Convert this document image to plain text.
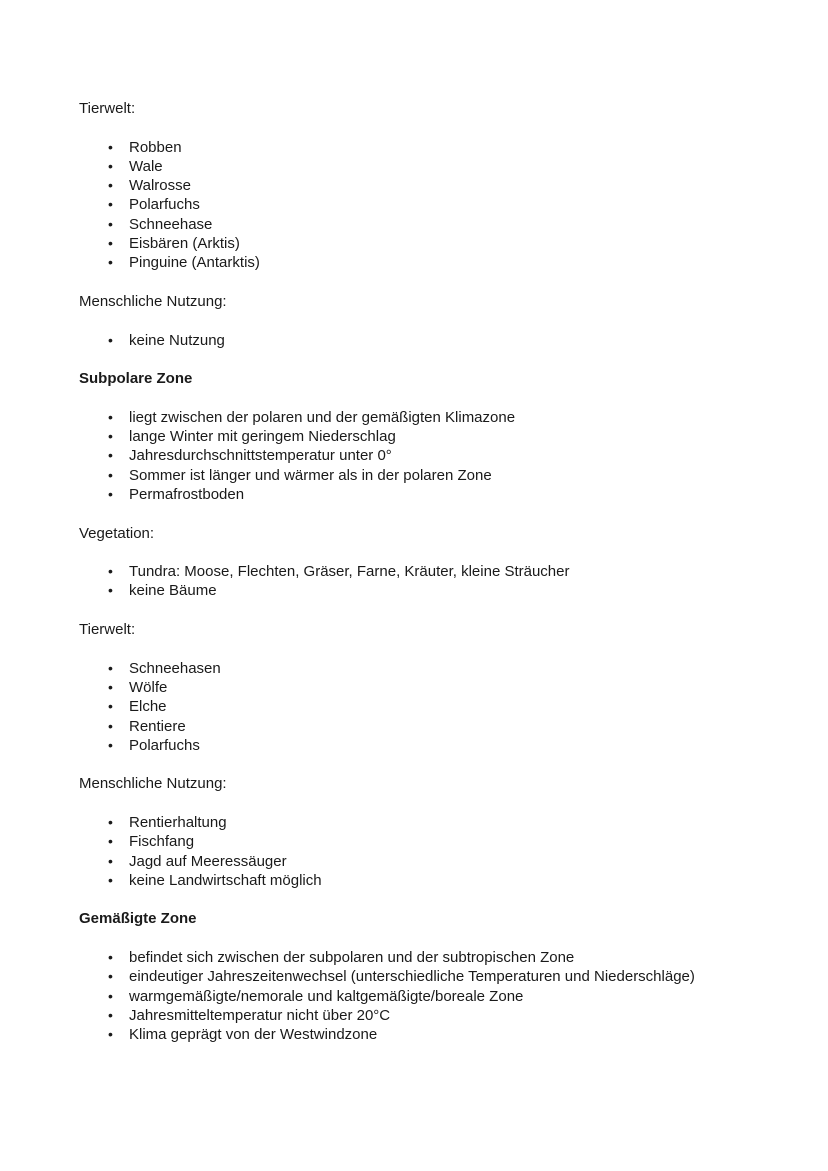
Tierwelt:

• Robben
• Wale
• Walrosse
• Polarfuchs
• Schneehase
• Eisbären (Arktis)
• Pinguine (Antarktis)

Menschliche Nutzung:

• keine Nutzung

Subpolare Zone

• liegt zwischen der polaren und der gemäßigten Klimazone
• lange Winter mit geringem Niederschlag
• Jahresdurchschnittstemperatur unter 0°
• Sommer ist länger und wärmer als in der polaren Zone
• Permafrostboden

Vegetation:

• Tundra: Moose, Flechten, Gräser, Farne, Kräuter, kleine Sträucher
• keine Bäume

Tierwelt:

• Schneehasen
• Wölfe
• Elche
• Rentiere
• Polarfuchs

Menschliche Nutzung:

• Rentierhaltung
• Fischfang
• Jagd auf Meeressäuger
• keine Landwirtschaft möglich

Gemäßigte Zone

• befindet sich zwischen der subpolaren und der subtropischen Zone
• eindeutiger Jahreszeitenwechsel (unterschiedliche Temperaturen und Niederschläge)
• warmgemäßigte/nemorale und kaltgemäßigte/boreale Zone
• Jahresmitteltemperatur nicht über 20°C
• Klima geprägt von der Westwindzone
